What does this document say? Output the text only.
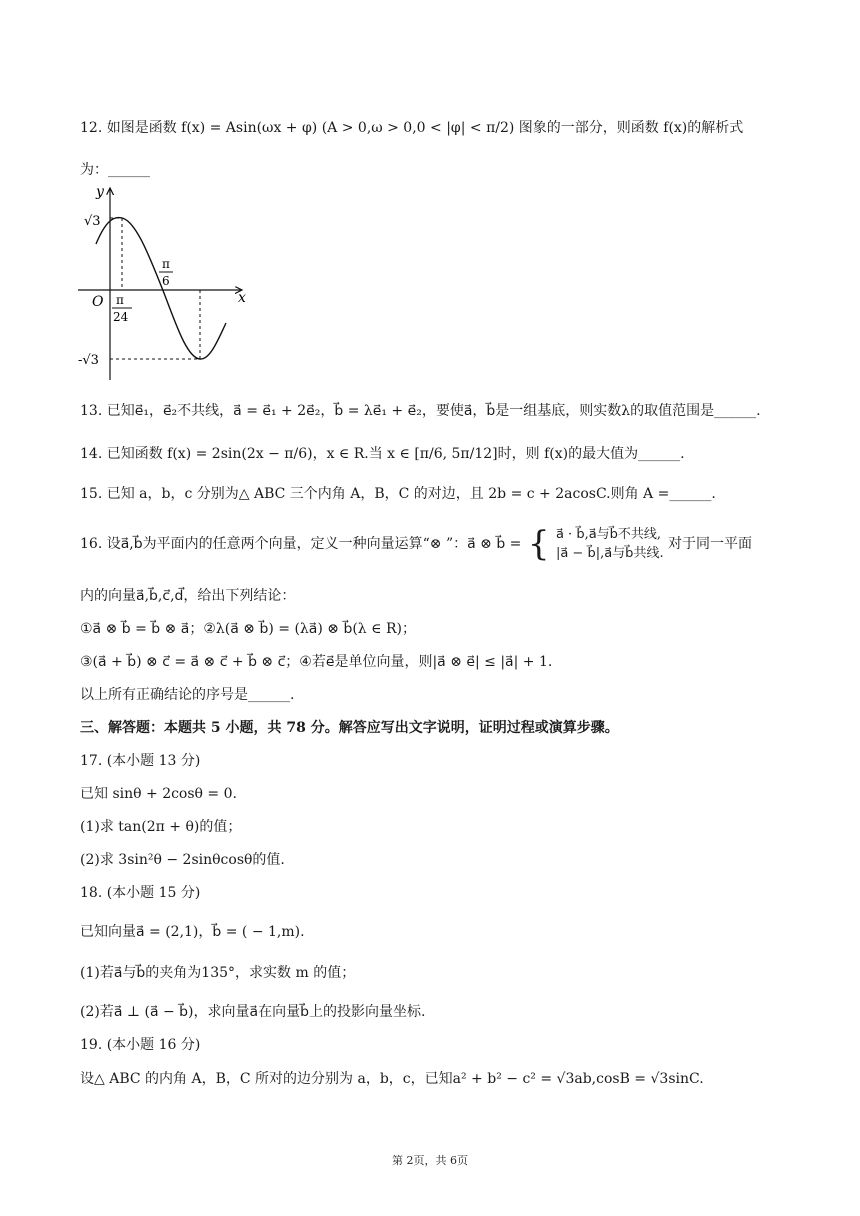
12. 如图是函数 f(x) = Asin(ωx + φ) (A > 0,ω > 0,0 < |φ| < π/2) 图象的一部分，则函数 f(x)的解析式
为：______
y
x
O
√3
-√3
π
24
π
6
13. 已知e⃗₁，e⃗₂不共线，a⃗ = e⃗₁ + 2e⃗₂，b⃗ = λe⃗₁ + e⃗₂，要使a⃗，b⃗是一组基底，则实数λ的取值范围是______.
14. 已知函数 f(x) = 2sin(2x − π/6)，x ∈ R.当 x ∈ [π/6, 5π/12]时，则 f(x)的最大值为______.
15. 已知 a，b，c 分别为△ ABC 三个内角 A，B，C 的对边，且 2b = c + 2acosC.则角 A =______.
16. 设a⃗,b⃗为平面内的任意两个向量，定义一种向量运算“⊗ ”：a⃗ ⊗ b⃗ = { a⃗ · b⃗,a⃗与b⃗不共线,
|a⃗ − b⃗|,a⃗与b⃗共线.
对于同一平面
内的向量a⃗,b⃗,c⃗,d⃗，给出下列结论：
①a⃗ ⊗ b⃗ = b⃗ ⊗ a⃗；②λ(a⃗ ⊗ b⃗) = (λa⃗) ⊗ b⃗(λ ∈ R)；
③(a⃗ + b⃗) ⊗ c⃗ = a⃗ ⊗ c⃗ + b⃗ ⊗ c⃗；④若e⃗是单位向量，则|a⃗ ⊗ e⃗| ≤ |a⃗| + 1.
以上所有正确结论的序号是______.
三、解答题：本题共 5 小题，共 78 分。解答应写出文字说明，证明过程或演算步骤。
17. (本小题 13 分)
已知 sinθ + 2cosθ = 0.
(1)求 tan(2π + θ)的值；
(2)求 3sin²θ − 2sinθcosθ的值.
18. (本小题 15 分)
已知向量a⃗ = (2,1)，b⃗ = ( − 1,m).
(1)若a⃗与b⃗的夹角为135°，求实数 m 的值；
(2)若a⃗ ⊥ (a⃗ − b⃗)，求向量a⃗在向量b⃗上的投影向量坐标.
19. (本小题 16 分)
设△ ABC 的内角 A，B，C 所对的边分别为 a，b，c，已知a² + b² − c² = √3ab,cosB = √3sinC.
第 2页，共 6页
